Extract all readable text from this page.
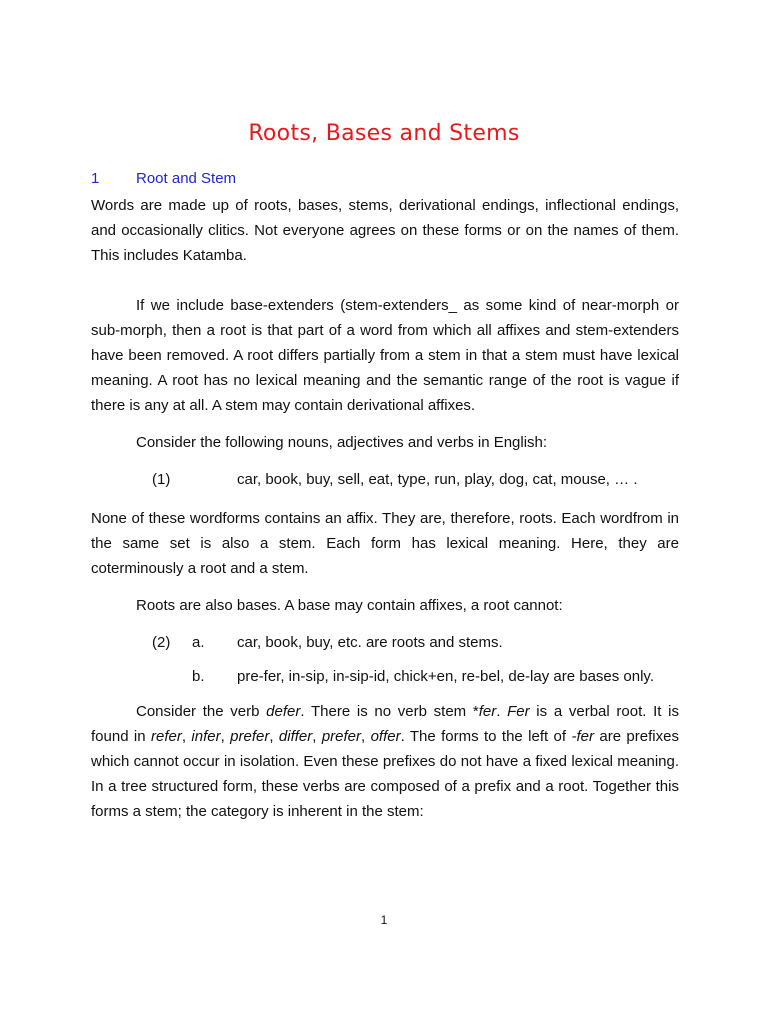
Roots, Bases and Stems
1 Root and Stem

Words are made up of roots, bases, stems, derivational endings, inflectional endings, and occasionally clitics. Not everyone agrees on these forms or on the names of them. This includes Katamba.

If we include base-extenders (stem-extenders_ as some kind of near-morph or sub-morph, then a root is that part of a word from which all affixes and stem-extenders have been removed. A root differs partially from a stem in that a stem must have lexical meaning. A root has no lexical meaning and the semantic range of the root is vague if there is any at all. A stem may contain derivational affixes.

Consider the following nouns, adjectives and verbs in English:

(1)	car, book, buy, sell, eat, type, run, play, dog, cat, mouse, … .

None of these wordforms contains an affix. They are, therefore, roots. Each wordfrom in the same set is also a stem. Each form has lexical meaning. Here, they are coterminously a root and a stem.

Roots are also bases. A base may contain affixes, a root cannot:

(2) a. car, book, buy, etc. are roots and stems.
b. pre-fer, in-sip, in-sip-id, chick+en, re-bel, de-lay are bases only.

Consider the verb defer. There is no verb stem *fer. Fer is a verbal root. It is found in refer, infer, prefer, differ, prefer, offer. The forms to the left of -fer are prefixes which cannot occur in isolation. Even these prefixes do not have a fixed lexical meaning. In a tree structured form, these verbs are composed of a prefix and a root. Together this forms a stem; the category is inherent in the stem:

1
